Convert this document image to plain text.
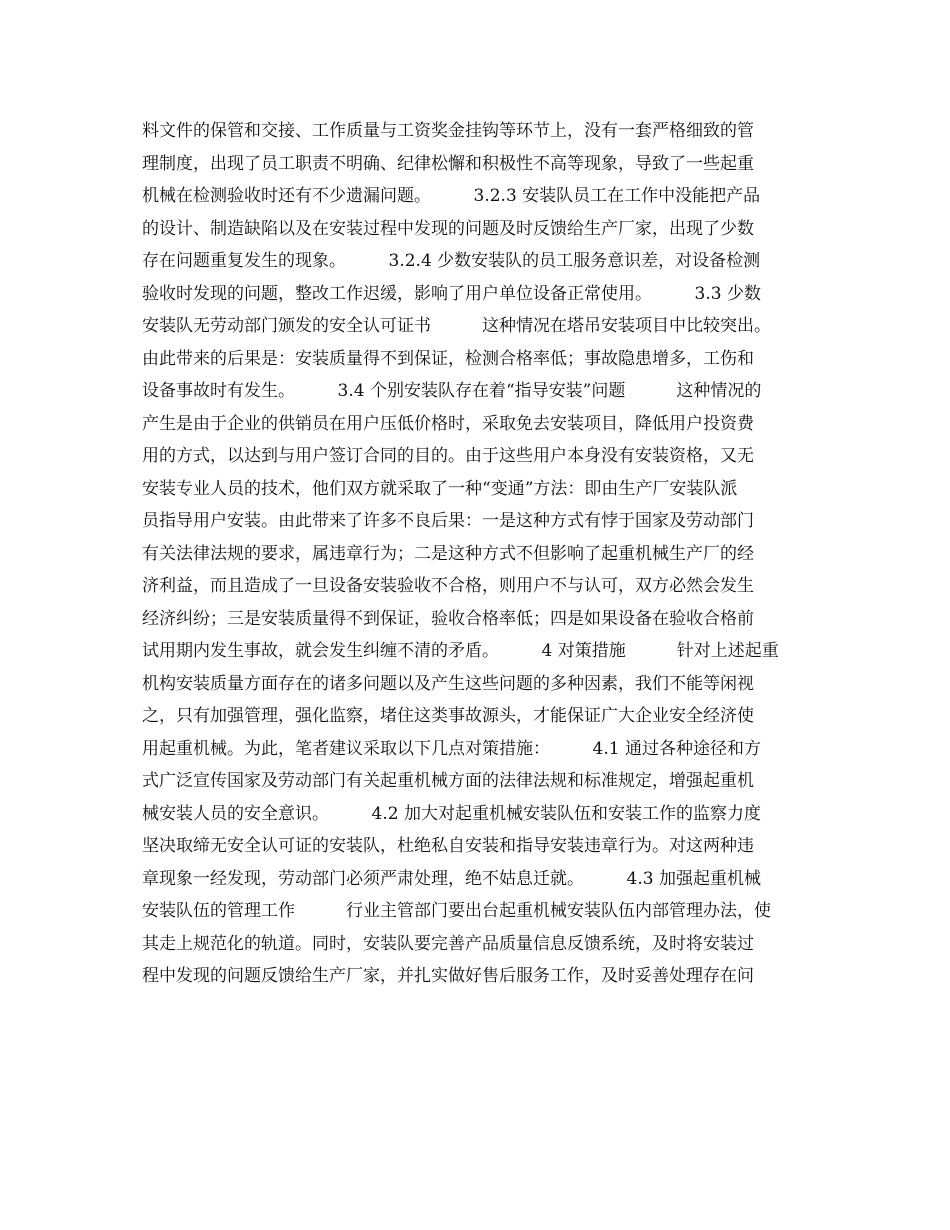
料文件的保管和交接、工作质量与工资奖金挂钩等环节上，没有一套严格细致的管
理制度，出现了员工职责不明确、纪律松懈和积极性不高等现象，导致了一些起重
机械在检测验收时还有不少遗漏问题。　　　3.2.3 安装队员工在工作中没能把产品
的设计、制造缺陷以及在安装过程中发现的问题及时反馈给生产厂家，出现了少数
存在问题重复发生的现象。　　　3.2.4 少数安装队的员工服务意识差，对设备检测
验收时发现的问题，整改工作迟缓，影响了用户单位设备正常使用。　　　3.3 少数
安装队无劳动部门颁发的安全认可证书　　　这种情况在塔吊安装项目中比较突出。
由此带来的后果是：安装质量得不到保证，检测合格率低；事故隐患增多，工伤和
设备事故时有发生。　　　3.4 个别安装队存在着“指导安装”问题　　　这种情况的
产生是由于企业的供销员在用户压低价格时，采取免去安装项目，降低用户投资费
用的方式，以达到与用户签订合同的目的。由于这些用户本身没有安装资格，又无
安装专业人员的技术，他们双方就采取了一种“变通”方法：即由生产厂安装队派
员指导用户安装。由此带来了许多不良后果：一是这种方式有悖于国家及劳动部门
有关法律法规的要求，属违章行为；二是这种方式不但影响了起重机械生产厂的经
济利益，而且造成了一旦设备安装验收不合格，则用户不与认可，双方必然会发生
经济纠纷；三是安装质量得不到保证，验收合格率低；四是如果设备在验收合格前
试用期内发生事故，就会发生纠缠不清的矛盾。　　　4 对策措施　　　针对上述起重
机构安装质量方面存在的诸多问题以及产生这些问题的多种因素，我们不能等闲视
之，只有加强管理，强化监察，堵住这类事故源头，才能保证广大企业安全经济使
用起重机械。为此，笔者建议采取以下几点对策措施：　　　4.1 通过各种途径和方
式广泛宣传国家及劳动部门有关起重机械方面的法律法规和标准规定，增强起重机
械安装人员的安全意识。　　　4.2 加大对起重机械安装队伍和安装工作的监察力度
坚决取缔无安全认可证的安装队，杜绝私自安装和指导安装违章行为。对这两种违
章现象一经发现，劳动部门必须严肃处理，绝不姑息迁就。　　　4.3 加强起重机械
安装队伍的管理工作　　　行业主管部门要出台起重机械安装队伍内部管理办法，使
其走上规范化的轨道。同时，安装队要完善产品质量信息反馈系统，及时将安装过
程中发现的问题反馈给生产厂家，并扎实做好售后服务工作，及时妥善处理存在问
